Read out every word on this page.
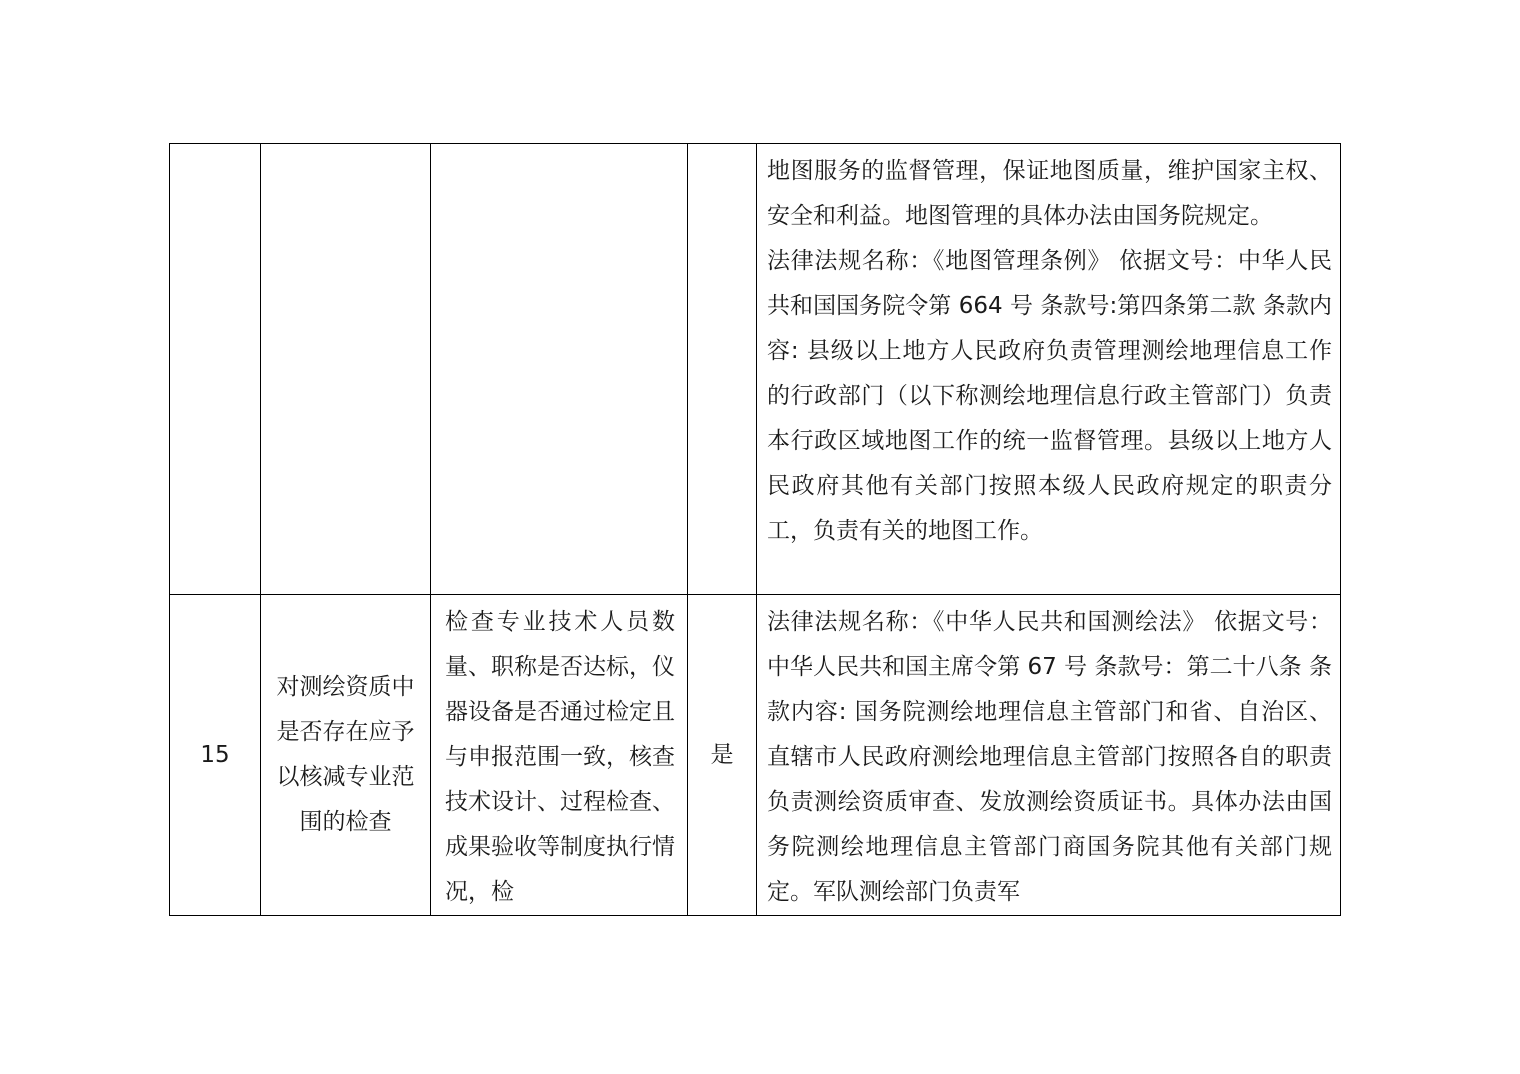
				地图服务的监督管理，保证地图质量，维护国家主权、安全和利益。地图管理的具体办法由国务院规定。

法律法规名称：《地图管理条例》 依据文号：中华人民共和国国务院令第 664 号 条款号:第四条第二款 条款内容: 县级以上地方人民政府负责管理测绘地理信息工作的行政部门（以下称测绘地理信息行政主管部门）负责本行政区域地图工作的统一监督管理。县级以上地方人民政府其他有关部门按照本级人民政府规定的职责分工，负责有关的地图工作。

15	对测绘资质中是否存在应予以核减专业范围的检查	检查专业技术人员数量、职称是否达标，仪器设备是否通过检定且与申报范围一致，核查技术设计、过程检查、成果验收等制度执行情况，检	是	法律法规名称：《中华人民共和国测绘法》 依据文号：中华人民共和国主席令第 67 号 条款号：第二十八条 条款内容: 国务院测绘地理信息主管部门和省、自治区、直辖市人民政府测绘地理信息主管部门按照各自的职责负责测绘资质审查、发放测绘资质证书。具体办法由国务院测绘地理信息主管部门商国务院其他有关部门规定。军队测绘部门负责军
